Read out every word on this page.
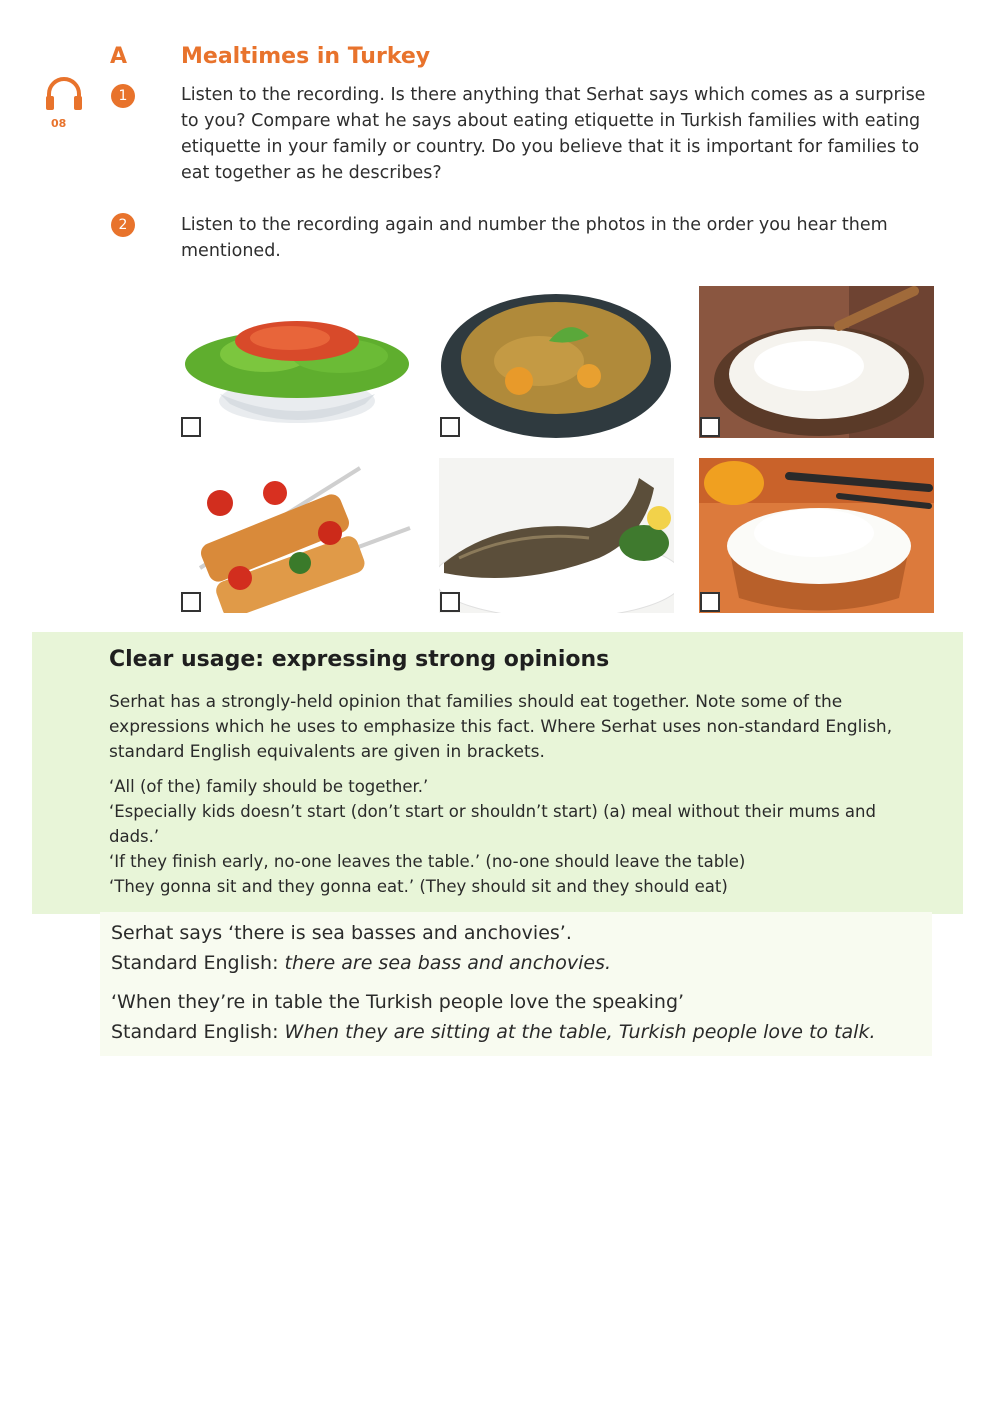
A Mealtimes in Turkey
08
1	Listen to the recording. Is there anything that Serhat says which comes as a surprise to you? Compare what he says about eating etiquette in Turkish families with eating etiquette in your family or country. Do you believe that it is important for families to eat together as he describes?
2	Listen to the recording again and number the photos in the order you hear them mentioned.
Clear usage: expressing strong opinions
Serhat has a strongly-held opinion that families should eat together. Note some of the expressions which he uses to emphasize this fact. Where Serhat uses non-standard English, standard English equivalents are given in brackets.
‘All (of the) family should be together.’
‘Especially kids doesn’t start (don’t start or shouldn’t start) (a) meal without their mums and dads.’
‘If they finish early, no-one leaves the table.’ (no-one should leave the table)
‘They gonna sit and they gonna eat.’ (They should sit and they should eat)
Serhat says ‘there is sea basses and anchovies’.
Standard English: there are sea bass and anchovies.
‘When they’re in table the Turkish people love the speaking’
Standard English: When they are sitting at the table, Turkish people love to talk.
